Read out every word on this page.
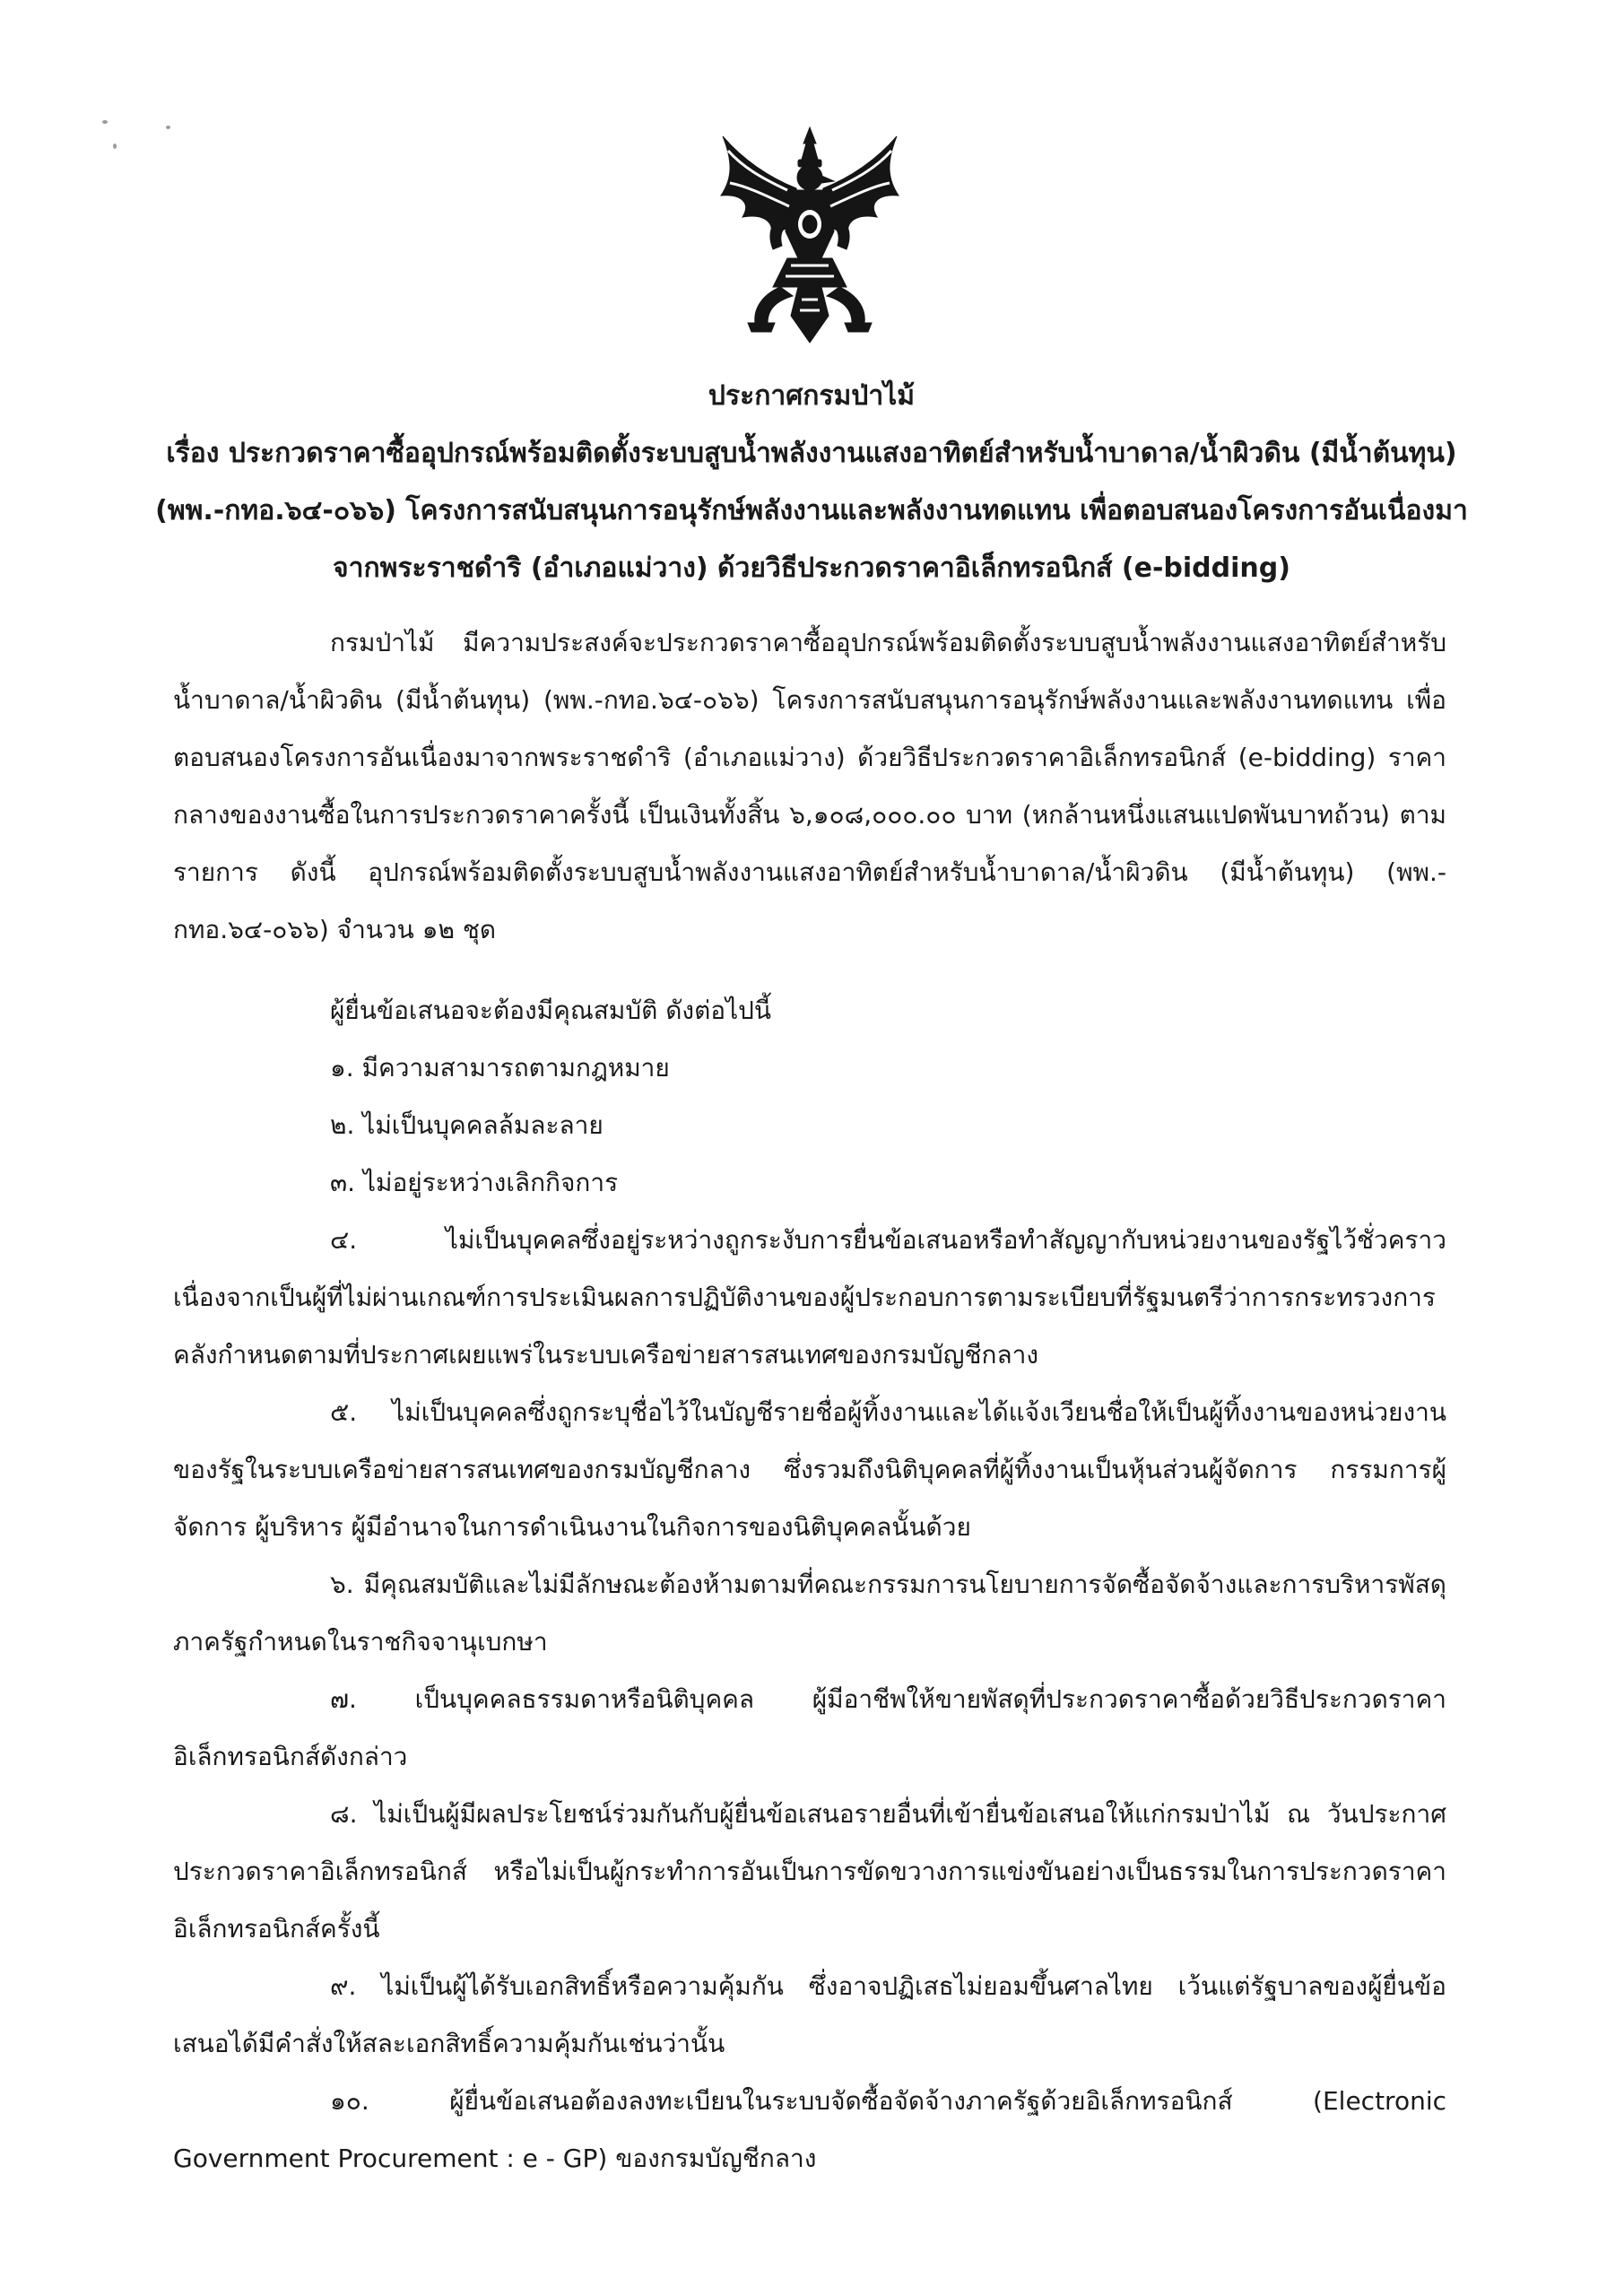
ประกาศกรมป่าไม้

เรื่อง ประกวดราคาซื้ออุปกรณ์พร้อมติดตั้งระบบสูบน้ำพลังงานแสงอาทิตย์สำหรับน้ำบาดาล/น้ำผิวดิน (มีน้ำต้นทุน) (พพ.-กทอ.๖๔-๐๖๖) โครงการสนับสนุนการอนุรักษ์พลังงานและพลังงานทดแทน เพื่อตอบสนองโครงการอันเนื่องมาจากพระราชดำริ (อำเภอแม่วาง) ด้วยวิธีประกวดราคาอิเล็กทรอนิกส์ (e-bidding)

กรมป่าไม้ มีความประสงค์จะประกวดราคาซื้ออุปกรณ์พร้อมติดตั้งระบบสูบน้ำพลังงานแสงอาทิตย์สำหรับน้ำบาดาล/น้ำผิวดิน (มีน้ำต้นทุน) (พพ.-กทอ.๖๔-๐๖๖) โครงการสนับสนุนการอนุรักษ์พลังงานและพลังงานทดแทน เพื่อตอบสนองโครงการอันเนื่องมาจากพระราชดำริ (อำเภอแม่วาง) ด้วยวิธีประกวดราคาอิเล็กทรอนิกส์ (e-bidding) ราคากลางของงานซื้อในการประกวดราคาครั้งนี้ เป็นเงินทั้งสิ้น ๖,๑๐๘,๐๐๐.๐๐ บาท (หกล้านหนึ่งแสนแปดพันบาทถ้วน) ตามรายการ ดังนี้ อุปกรณ์พร้อมติดตั้งระบบสูบน้ำพลังงานแสงอาทิตย์สำหรับน้ำบาดาล/น้ำผิวดิน (มีน้ำต้นทุน) (พพ.-กทอ.๖๔-๐๖๖) จำนวน ๑๒ ชุด

ผู้ยื่นข้อเสนอจะต้องมีคุณสมบัติ ดังต่อไปนี้

๑. มีความสามารถตามกฎหมาย

๒. ไม่เป็นบุคคลล้มละลาย

๓. ไม่อยู่ระหว่างเลิกกิจการ

๔. ไม่เป็นบุคคลซึ่งอยู่ระหว่างถูกระงับการยื่นข้อเสนอหรือทำสัญญากับหน่วยงานของรัฐไว้ชั่วคราว เนื่องจากเป็นผู้ที่ไม่ผ่านเกณฑ์การประเมินผลการปฏิบัติงานของผู้ประกอบการตามระเบียบที่รัฐมนตรีว่าการกระทรวงการคลังกำหนดตามที่ประกาศเผยแพร่ในระบบเครือข่ายสารสนเทศของกรมบัญชีกลาง

๕. ไม่เป็นบุคคลซึ่งถูกระบุชื่อไว้ในบัญชีรายชื่อผู้ทิ้งงานและได้แจ้งเวียนชื่อให้เป็นผู้ทิ้งงานของหน่วยงานของรัฐในระบบเครือข่ายสารสนเทศของกรมบัญชีกลาง ซึ่งรวมถึงนิติบุคคลที่ผู้ทิ้งงานเป็นหุ้นส่วนผู้จัดการ กรรมการผู้จัดการ ผู้บริหาร ผู้มีอำนาจในการดำเนินงานในกิจการของนิติบุคคลนั้นด้วย

๖. มีคุณสมบัติและไม่มีลักษณะต้องห้ามตามที่คณะกรรมการนโยบายการจัดซื้อจัดจ้างและการบริหารพัสดุภาครัฐกำหนดในราชกิจจานุเบกษา

๗. เป็นบุคคลธรรมดาหรือนิติบุคคล ผู้มีอาชีพให้ขายพัสดุที่ประกวดราคาซื้อด้วยวิธีประกวดราคาอิเล็กทรอนิกส์ดังกล่าว

๘. ไม่เป็นผู้มีผลประโยชน์ร่วมกันกับผู้ยื่นข้อเสนอรายอื่นที่เข้ายื่นข้อเสนอให้แก่กรมป่าไม้ ณ วันประกาศประกวดราคาอิเล็กทรอนิกส์ หรือไม่เป็นผู้กระทำการอันเป็นการขัดขวางการแข่งขันอย่างเป็นธรรมในการประกวดราคาอิเล็กทรอนิกส์ครั้งนี้

๙. ไม่เป็นผู้ได้รับเอกสิทธิ์หรือความคุ้มกัน ซึ่งอาจปฏิเสธไม่ยอมขึ้นศาลไทย เว้นแต่รัฐบาลของผู้ยื่นข้อเสนอได้มีคำสั่งให้สละเอกสิทธิ์ความคุ้มกันเช่นว่านั้น

๑๐. ผู้ยื่นข้อเสนอต้องลงทะเบียนในระบบจัดซื้อจัดจ้างภาครัฐด้วยอิเล็กทรอนิกส์ (Electronic Government Procurement : e - GP) ของกรมบัญชีกลาง
